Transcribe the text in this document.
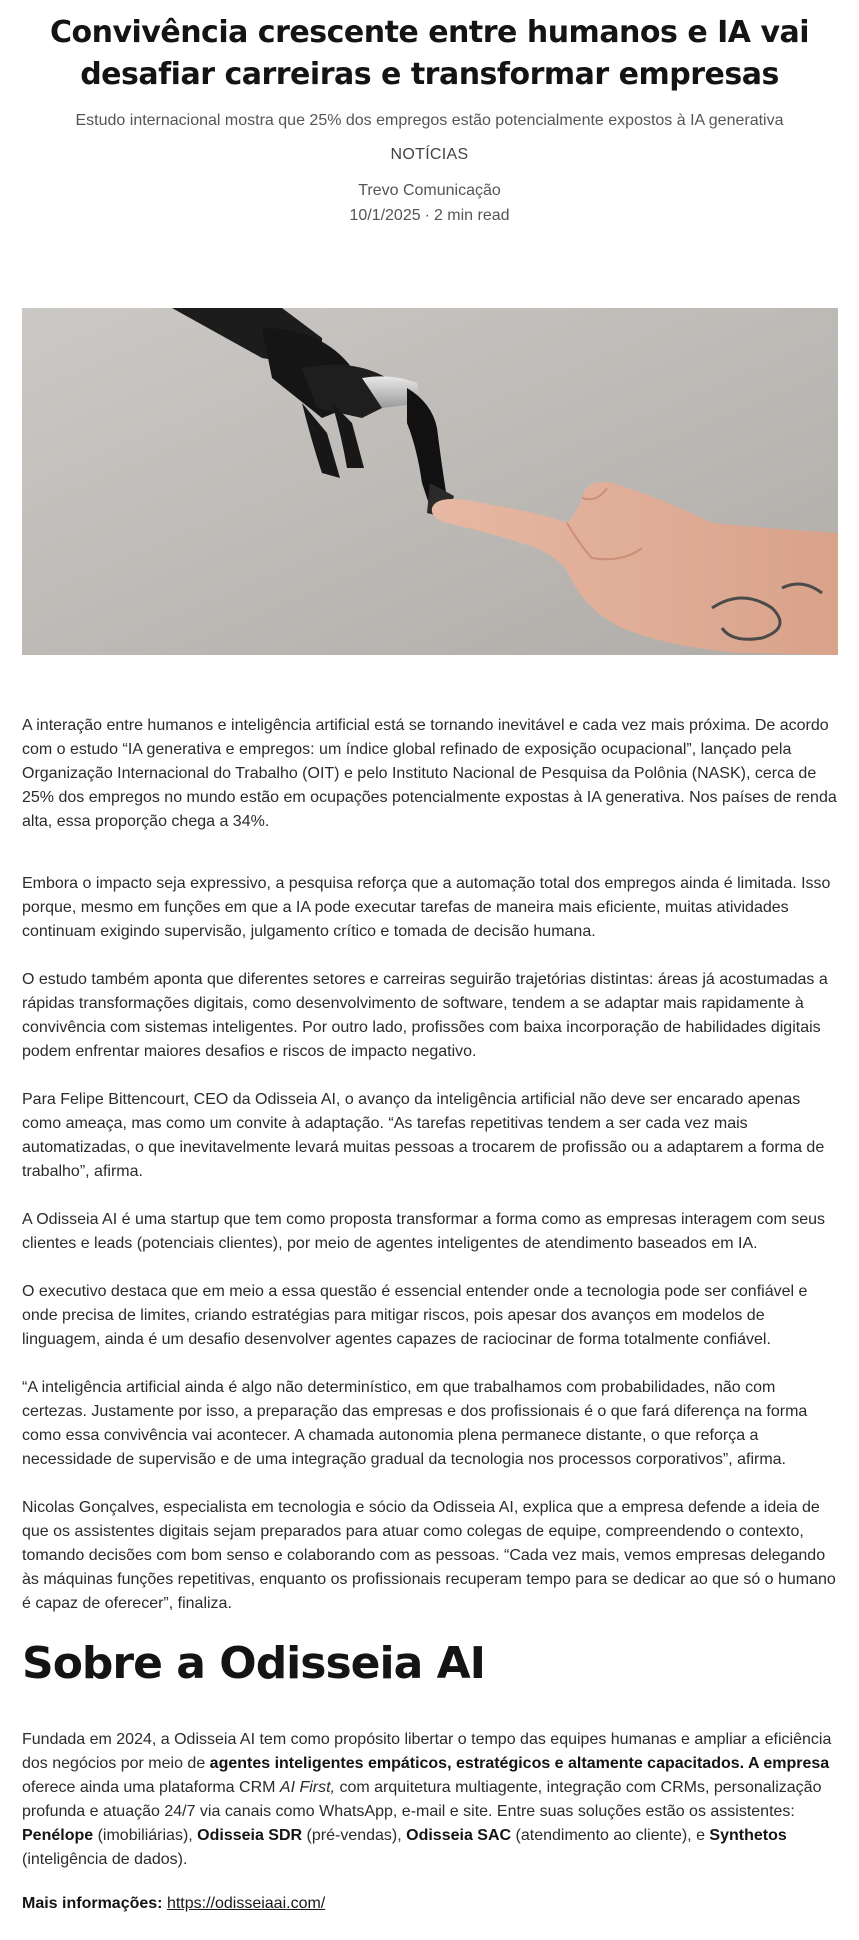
Convivência crescente entre humanos e IA vai desafiar carreiras e transformar empresas
Estudo internacional mostra que 25% dos empregos estão potencialmente expostos à IA generativa
NOTÍCIAS
Trevo Comunicação
10/1/2025 · 2 min read

A interação entre humanos e inteligência artificial está se tornando inevitável e cada vez mais próxima. De acordo com o estudo “IA generativa e empregos: um índice global refinado de exposição ocupacional”, lançado pela Organização Internacional do Trabalho (OIT) e pelo Instituto Nacional de Pesquisa da Polônia (NASK), cerca de 25% dos empregos no mundo estão em ocupações potencialmente expostas à IA generativa. Nos países de renda alta, essa proporção chega a 34%.

Embora o impacto seja expressivo, a pesquisa reforça que a automação total dos empregos ainda é limitada. Isso porque, mesmo em funções em que a IA pode executar tarefas de maneira mais eficiente, muitas atividades continuam exigindo supervisão, julgamento crítico e tomada de decisão humana.

O estudo também aponta que diferentes setores e carreiras seguirão trajetórias distintas: áreas já acostumadas a rápidas transformações digitais, como desenvolvimento de software, tendem a se adaptar mais rapidamente à convivência com sistemas inteligentes. Por outro lado, profissões com baixa incorporação de habilidades digitais podem enfrentar maiores desafios e riscos de impacto negativo.

Para Felipe Bittencourt, CEO da Odisseia AI, o avanço da inteligência artificial não deve ser encarado apenas como ameaça, mas como um convite à adaptação. “As tarefas repetitivas tendem a ser cada vez mais automatizadas, o que inevitavelmente levará muitas pessoas a trocarem de profissão ou a adaptarem a forma de trabalho”, afirma.

A Odisseia AI é uma startup que tem como proposta transformar a forma como as empresas interagem com seus clientes e leads (potenciais clientes), por meio de agentes inteligentes de atendimento baseados em IA.

O executivo destaca que em meio a essa questão é essencial entender onde a tecnologia pode ser confiável e onde precisa de limites, criando estratégias para mitigar riscos, pois apesar dos avanços em modelos de linguagem, ainda é um desafio desenvolver agentes capazes de raciocinar de forma totalmente confiável.

“A inteligência artificial ainda é algo não determinístico, em que trabalhamos com probabilidades, não com certezas. Justamente por isso, a preparação das empresas e dos profissionais é o que fará diferença na forma como essa convivência vai acontecer. A chamada autonomia plena permanece distante, o que reforça a necessidade de supervisão e de uma integração gradual da tecnologia nos processos corporativos”, afirma.

Nicolas Gonçalves, especialista em tecnologia e sócio da Odisseia AI, explica que a empresa defende a ideia de que os assistentes digitais sejam preparados para atuar como colegas de equipe, compreendendo o contexto, tomando decisões com bom senso e colaborando com as pessoas. “Cada vez mais, vemos empresas delegando às máquinas funções repetitivas, enquanto os profissionais recuperam tempo para se dedicar ao que só o humano é capaz de oferecer”, finaliza.

Sobre a Odisseia AI

Fundada em 2024, a Odisseia AI tem como propósito libertar o tempo das equipes humanas e ampliar a eficiência dos negócios por meio de agentes inteligentes empáticos, estratégicos e altamente capacitados. A empresa oferece ainda uma plataforma CRM AI First, com arquitetura multiagente, integração com CRMs, personalização profunda e atuação 24/7 via canais como WhatsApp, e-mail e site. Entre suas soluções estão os assistentes: Penélope (imobiliárias), Odisseia SDR (pré-vendas), Odisseia SAC (atendimento ao cliente), e Synthetos (inteligência de dados).

Mais informações: https://odisseiaai.com/
